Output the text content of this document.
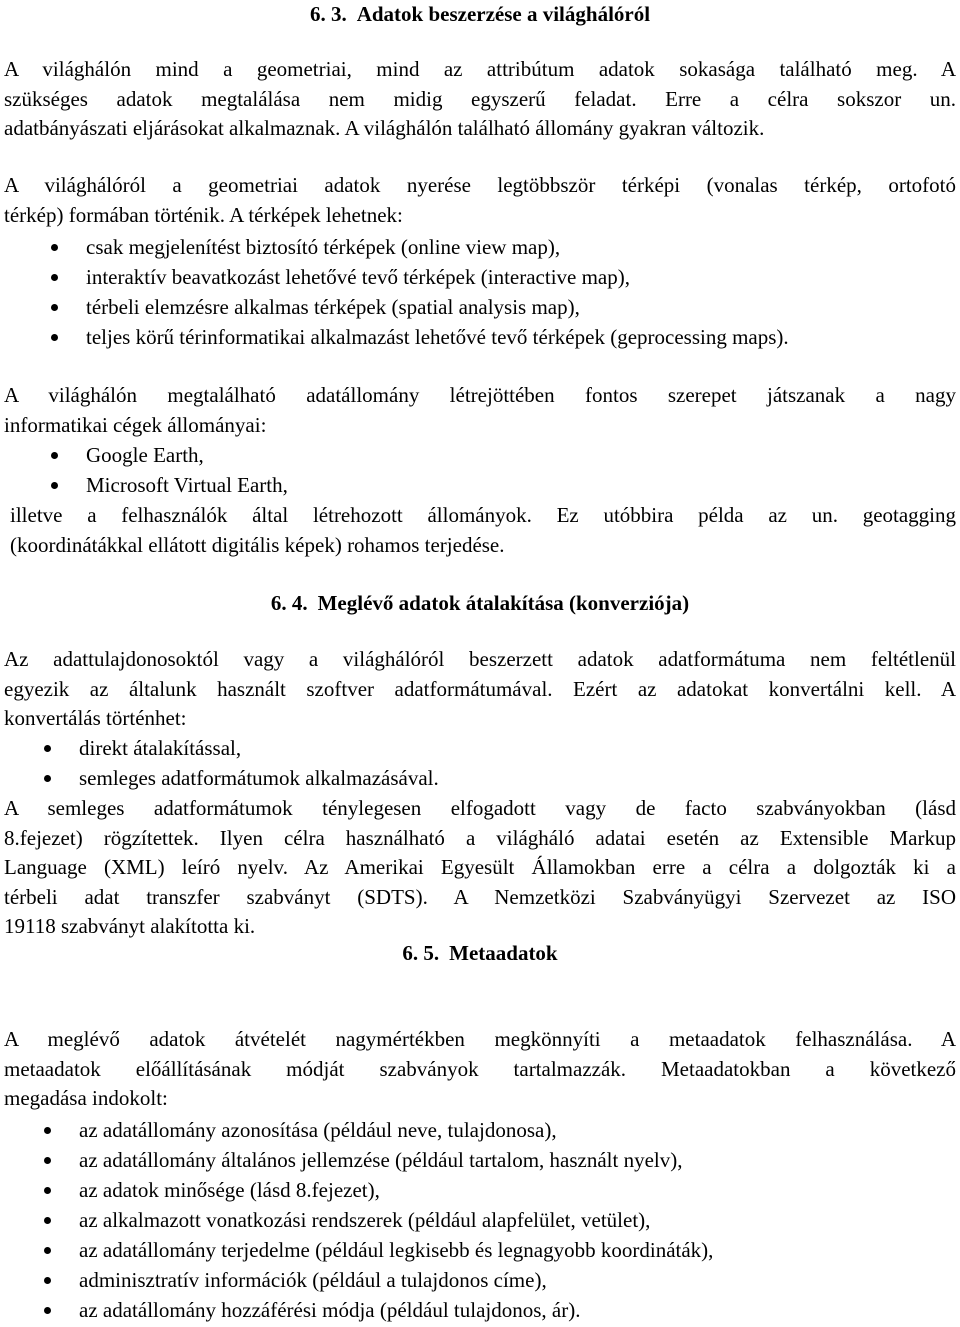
6. 3. Adatok beszerzése a világhálóról
A világhálón mind a geometriai, mind az attribútum adatok sokasága található meg. A
szükséges adatok megtalálása nem midig egyszerű feladat. Erre a célra sokszor un.
adatbányászati eljárásokat alkalmaznak. A világhálón található állomány gyakran változik.
A világhálóról a geometriai adatok nyerése legtöbbször térképi (vonalas térkép, ortofotó
térkép) formában történik. A térképek lehetnek:
csak megjelenítést biztosító térképek (online view map),
interaktív beavatkozást lehetővé tevő térképek (interactive map),
térbeli elemzésre alkalmas térképek (spatial analysis map),
teljes körű térinformatikai alkalmazást lehetővé tevő térképek (geprocessing maps).
A világhálón megtalálható adatállomány létrejöttében fontos szerepet játszanak a nagy
informatikai cégek állományai:
Google Earth,
Microsoft Virtual Earth,
illetve a felhasználók által létrehozott állományok. Ez utóbbira példa az un. geotagging
(koordinátákkal ellátott digitális képek) rohamos terjedése.
6. 4. Meglévő adatok átalakítása (konverziója)
Az adattulajdonosoktól vagy a világhálóról beszerzett adatok adatformátuma nem feltétlenül
egyezik az általunk használt szoftver adatformátumával. Ezért az adatokat konvertálni kell. A
konvertálás történhet:
direkt átalakítással,
semleges adatformátumok alkalmazásával.
A semleges adatformátumok ténylegesen elfogadott vagy de facto szabványokban (lásd
8.fejezet) rögzítettek. Ilyen célra használható a világháló adatai esetén az Extensible Markup
Language (XML) leíró nyelv. Az Amerikai Egyesült Államokban erre a célra a dolgozták ki a
térbeli adat transzfer szabványt (SDTS). A Nemzetközi Szabványügyi Szervezet az ISO
19118 szabványt alakította ki.
6. 5. Metaadatok
A meglévő adatok átvételét nagymértékben megkönnyíti a metaadatok felhasználása. A
metaadatok előállításának módját szabványok tartalmazzák. Metaadatokban a következő
megadása indokolt:
az adatállomány azonosítása (például neve, tulajdonosa),
az adatállomány általános jellemzése (például tartalom, használt nyelv),
az adatok minősége (lásd 8.fejezet),
az alkalmazott vonatkozási rendszerek (például alapfelület, vetület),
az adatállomány terjedelme (például legkisebb és legnagyobb koordináták),
adminisztratív információk (például a tulajdonos címe),
az adatállomány hozzáférési módja (például tulajdonos, ár).
